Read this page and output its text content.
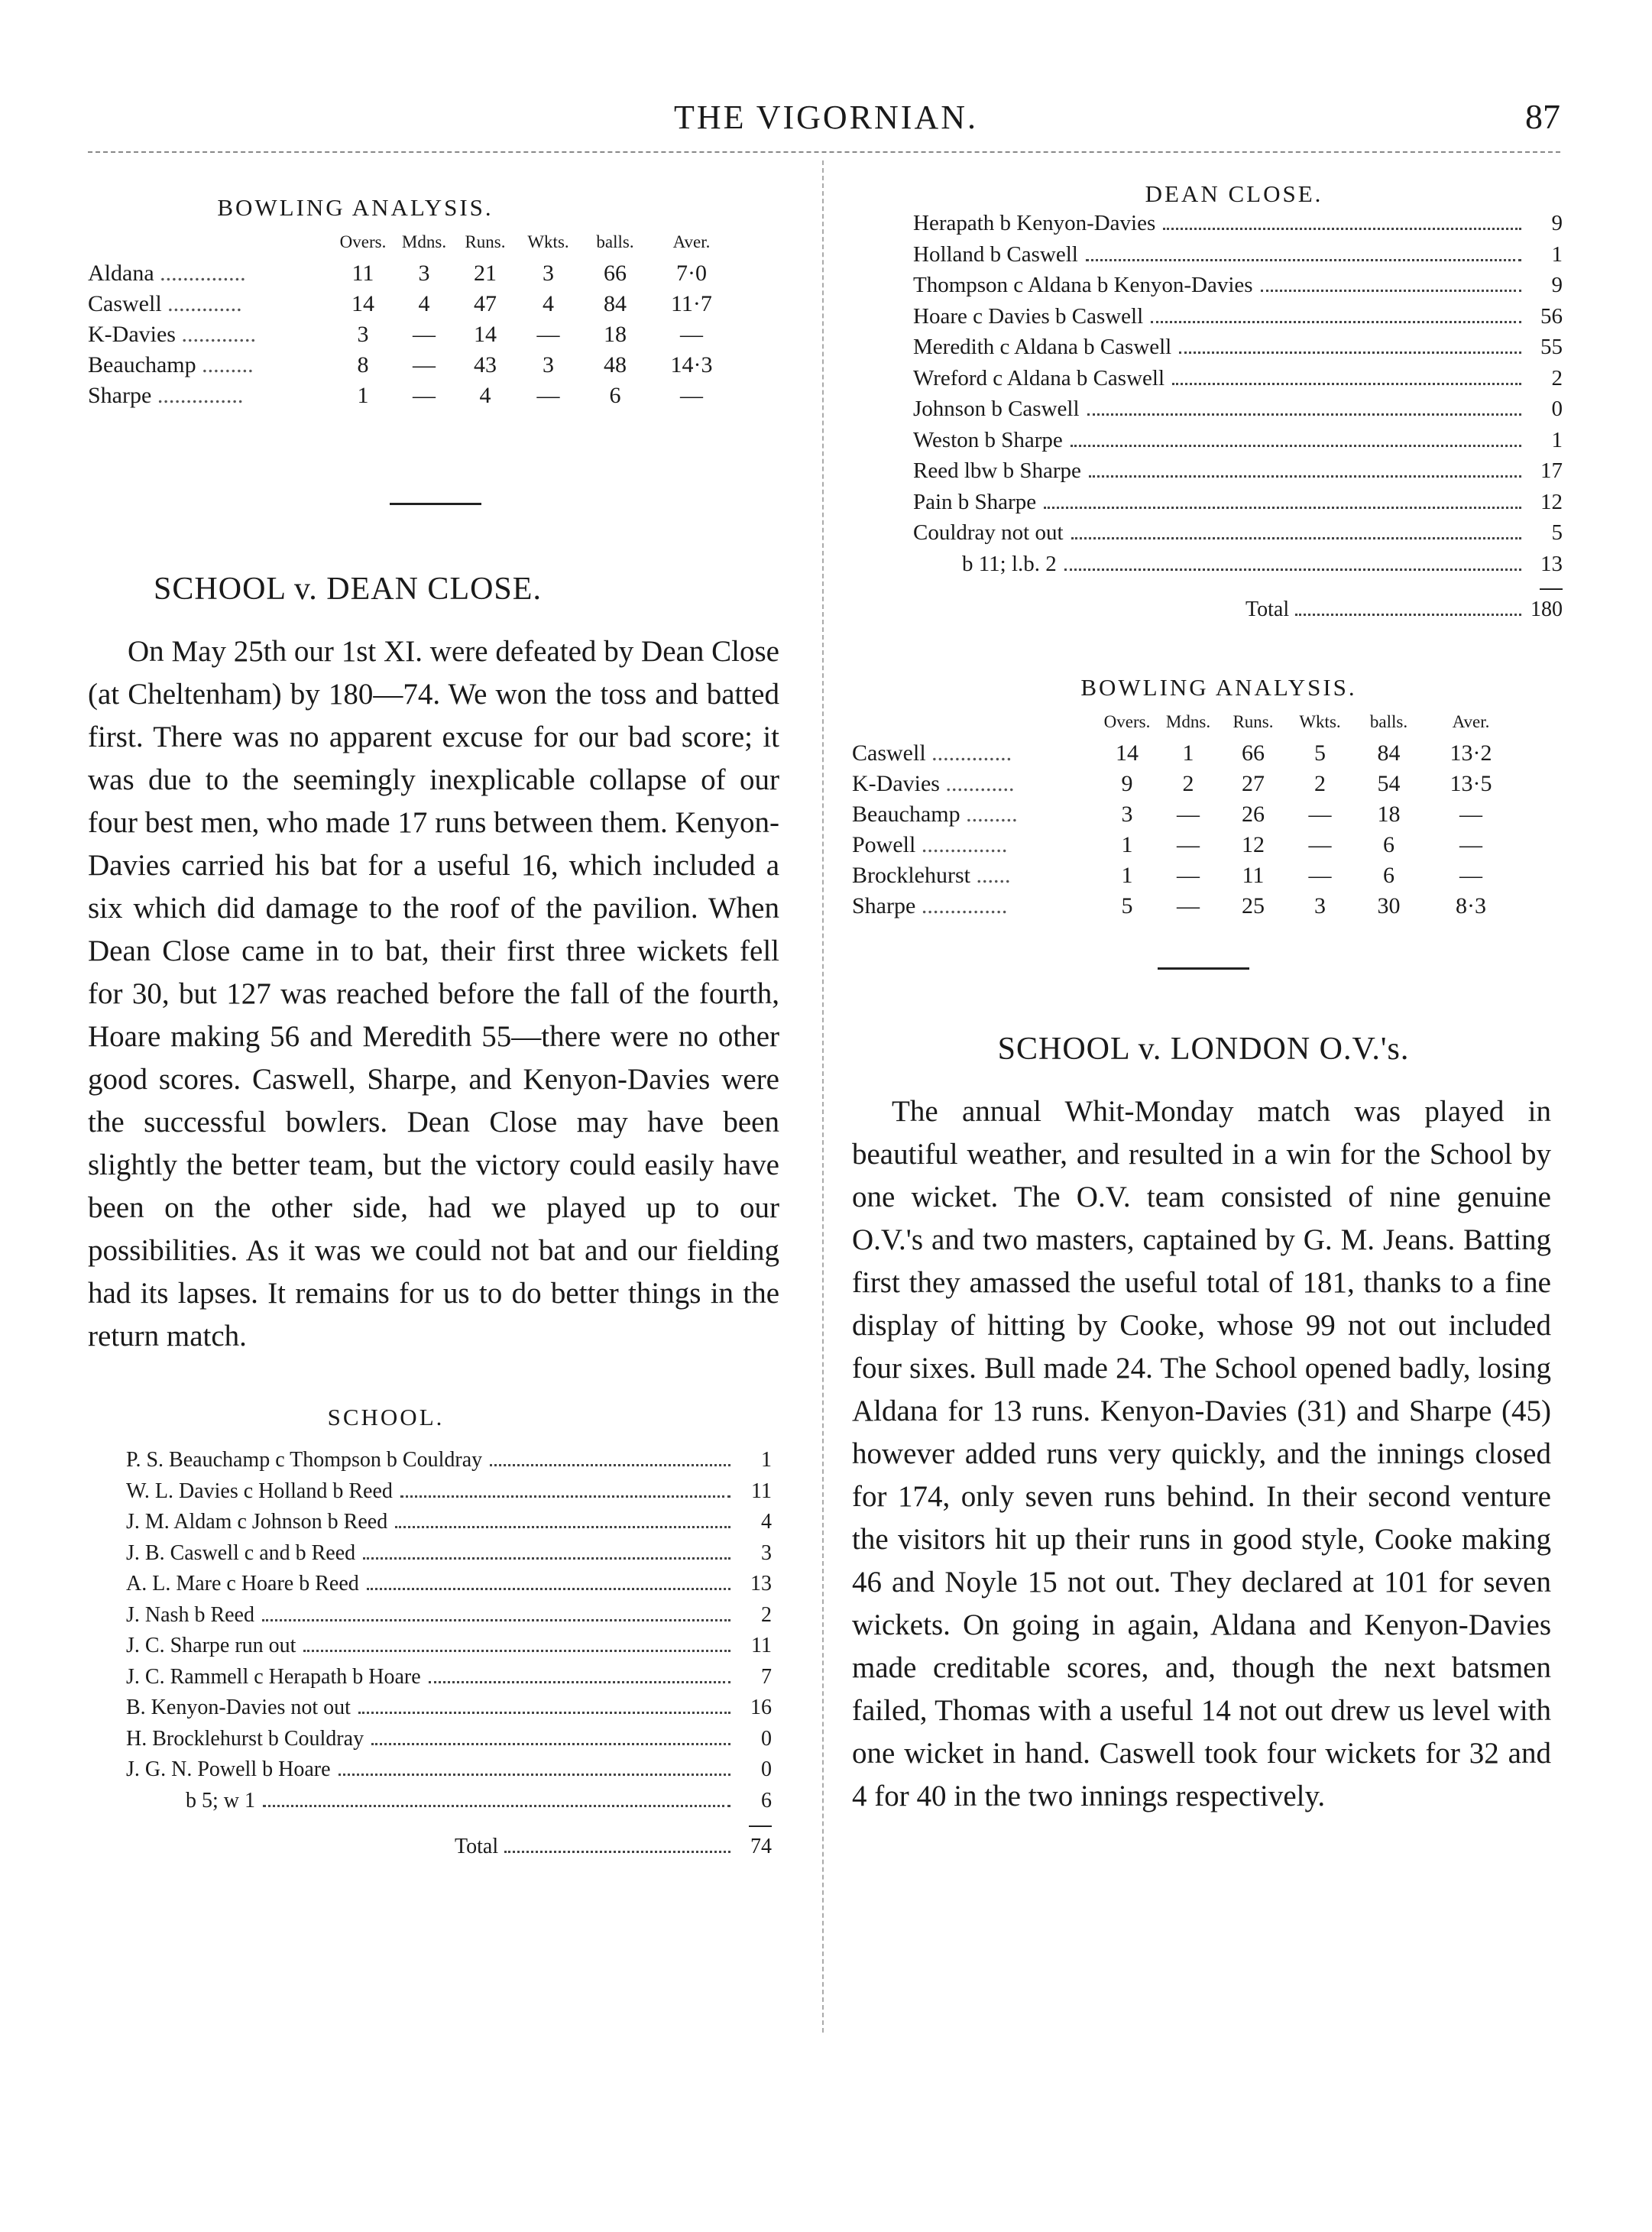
THE VIGORNIAN.	87
BOWLING ANALYSIS.
	Overs.	Mdns.	Runs.	Wkts.	balls.	Aver.
Aldana ...............	11	3	21	3	66	7·0
Caswell .............	14	4	47	4	84	11·7
K-Davies .............	3	—	14	—	18	—
Beauchamp .........	8	—	43	3	48	14·3
Sharpe ...............	1	—	4	—	6	—
SCHOOL v. DEAN CLOSE.

On May 25th our 1st XI. were defeated by Dean Close (at Cheltenham) by 180—74. We won the toss and batted first. There was no apparent excuse for our bad score; it was due to the seemingly inexplicable collapse of our four best men, who made 17 runs between them. Kenyon-Davies carried his bat for a useful 16, which included a six which did damage to the roof of the pavilion. When Dean Close came in to bat, their first three wickets fell for 30, but 127 was reached before the fall of the fourth, Hoare making 56 and Meredith 55—there were no other good scores. Caswell, Sharpe, and Kenyon-Davies were the successful bowlers. Dean Close may have been slightly the better team, but the victory could easily have been on the other side, had we played up to our possibilities. As it was we could not bat and our fielding had its lapses. It remains for us to do better things in the return match.

SCHOOL.
P. S. Beauchamp c Thompson b Couldray	1
W. L. Davies c Holland b Reed	11
J. M. Aldam c Johnson b Reed	4
J. B. Caswell c and b Reed	3
A. L. Mare c Hoare b Reed	13
J. Nash b Reed	2
J. C. Sharpe run out	11
J. C. Rammell c Herapath b Hoare	7
B. Kenyon-Davies not out	16
H. Brocklehurst b Couldray	0
J. G. N. Powell b Hoare	0
b 5; w 1	6
Total	74
DEAN CLOSE.
Herapath b Kenyon-Davies	9
Holland b Caswell	1
Thompson c Aldana b Kenyon-Davies	9
Hoare c Davies b Caswell	56
Meredith c Aldana b Caswell	55
Wreford c Aldana b Caswell	2
Johnson b Caswell	0
Weston b Sharpe	1
Reed lbw b Sharpe	17
Pain b Sharpe	12
Couldray not out	5
b 11; l.b. 2	13
Total	180
BOWLING ANALYSIS.
	Overs.	Mdns.	Runs.	Wkts.	balls.	Aver.
Caswell ..............	14	1	66	5	84	13·2
K-Davies ............	9	2	27	2	54	13·5
Beauchamp .........	3	—	26	—	18	—
Powell ...............	1	—	12	—	6	—
Brocklehurst ......	1	—	11	—	6	—
Sharpe ...............	5	—	25	3	30	8·3
SCHOOL v. LONDON O.V.'s.

The annual Whit-Monday match was played in beautiful weather, and resulted in a win for the School by one wicket. The O.V. team consisted of nine genuine O.V.'s and two masters, captained by G. M. Jeans. Batting first they amassed the useful total of 181, thanks to a fine display of hitting by Cooke, whose 99 not out included four sixes. Bull made 24. The School opened badly, losing Aldana for 13 runs. Kenyon-Davies (31) and Sharpe (45) however added runs very quickly, and the innings closed for 174, only seven runs behind. In their second venture the visitors hit up their runs in good style, Cooke making 46 and Noyle 15 not out. They declared at 101 for seven wickets. On going in again, Aldana and Kenyon-Davies made creditable scores, and, though the next batsmen failed, Thomas with a useful 14 not out drew us level with one wicket in hand. Caswell took four wickets for 32 and 4 for 40 in the two innings respectively.
